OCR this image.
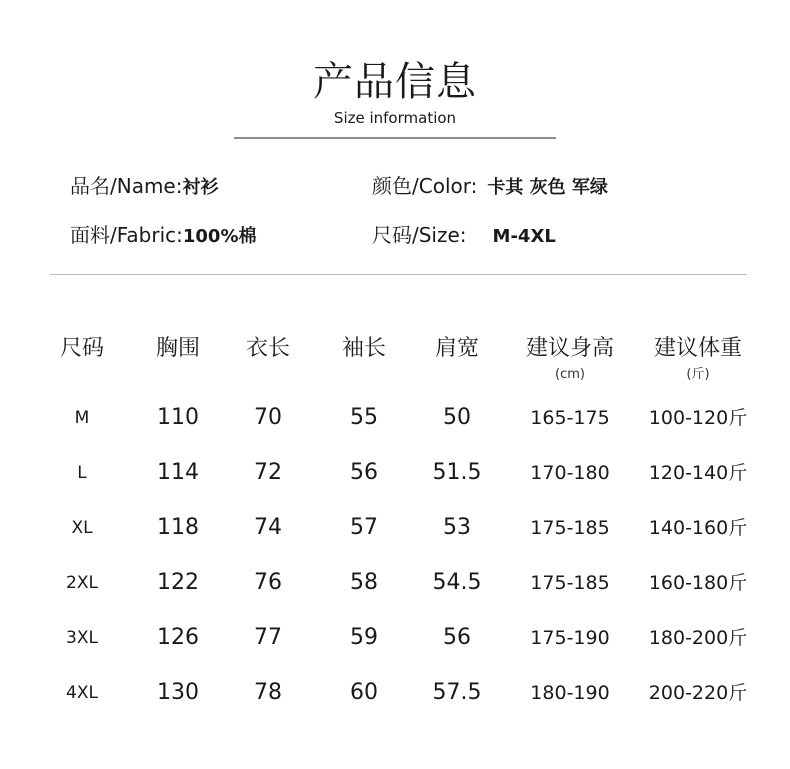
产品信息
Size information
品名/Name:衬衫	颜色/Color: 卡其 灰色 军绿
面料/Fabric:100%棉	尺码/Size: M-4XL
尺码 胸围 衣长 袖长 肩宽 建议身高 建议体重
(cm)	(斤)
M	110	70	55	50	165-175 100-120斤
L	114	72	56 51.5	170-180 120-140斤
XL	118	74	57	53	175-185 140-160斤
2XL	122	76	58 54.5	175-185 160-180斤
3XL	126	77	59	56	175-190 180-200斤
4XL	130	78	60 57.5	180-190 200-220斤
